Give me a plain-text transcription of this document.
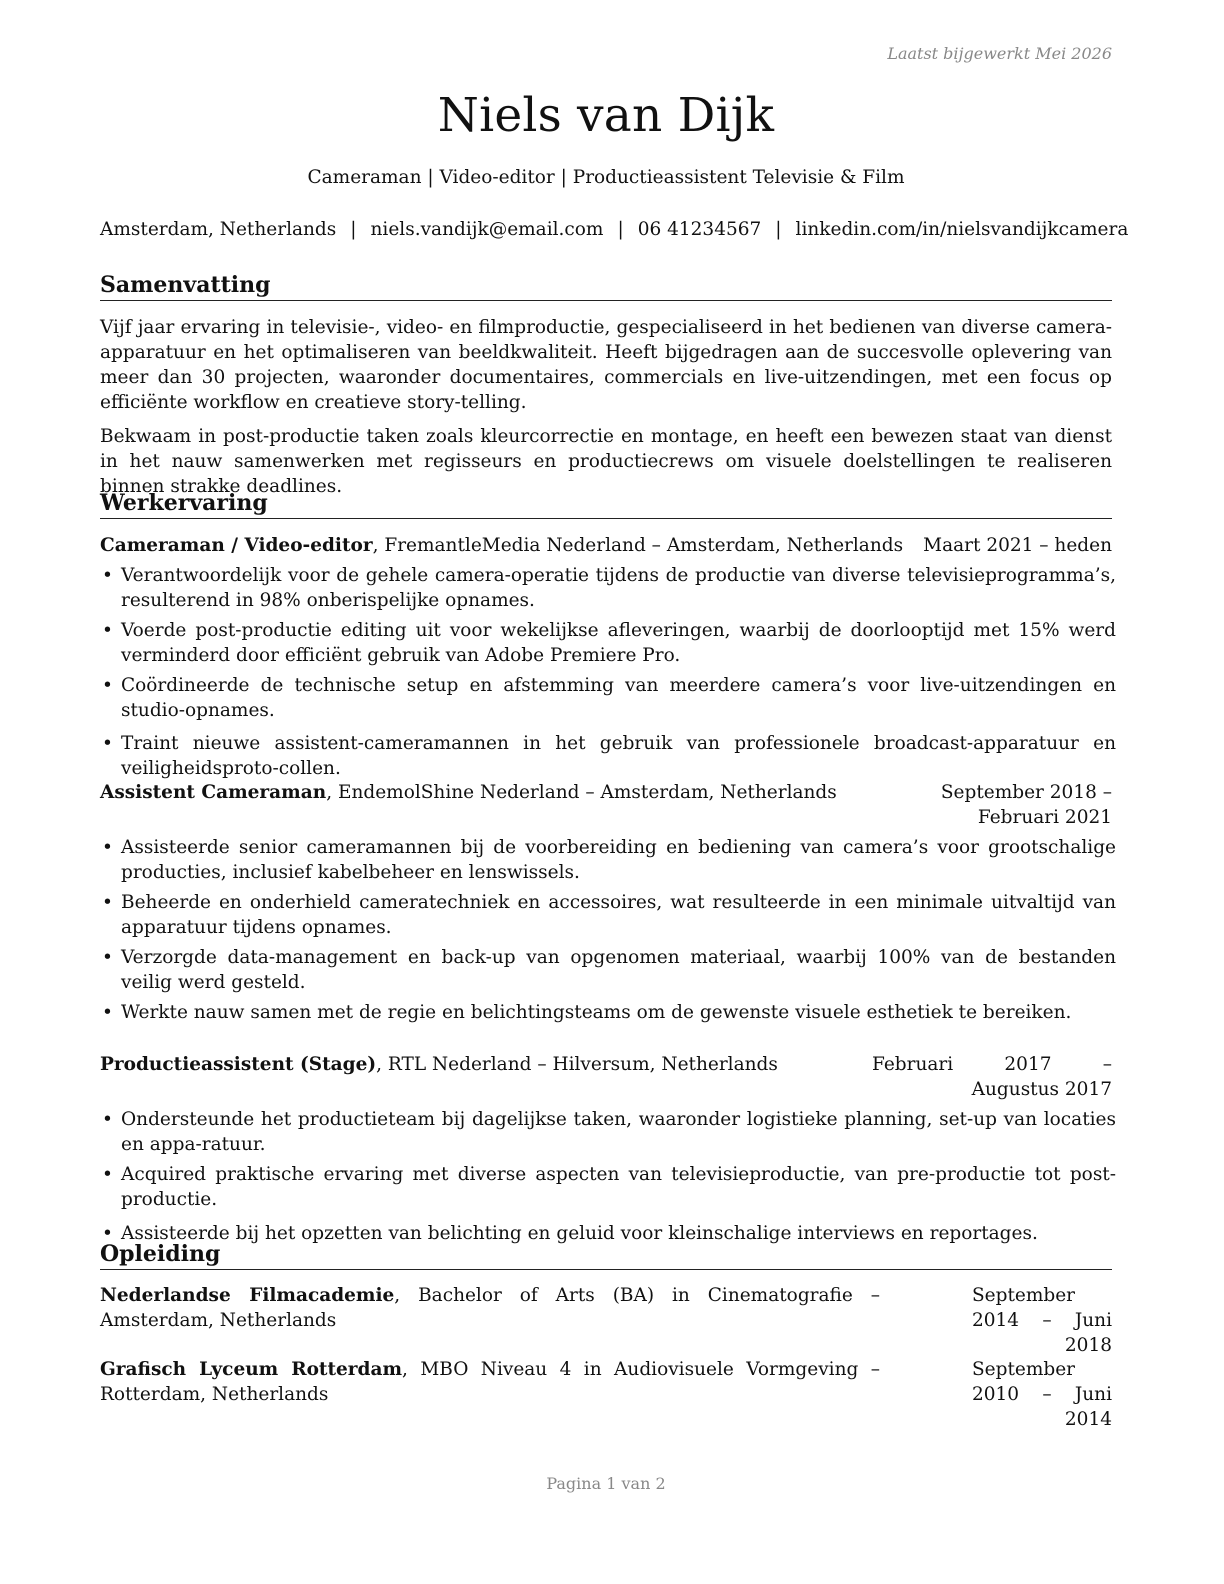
Laatst bijgewerkt Mei 2026
Niels van Dijk
Cameraman | Video-editor | Productieassistent Televisie & Film
Amsterdam, Netherlands | niels.vandijk@email.com | 06 41234567 | linkedin.com/in/nielsvandijkcamera
Samenvatting

Vijf jaar ervaring in televisie-, video- en filmproductie, gespecialiseerd in het bedienen van diverse camera-apparatuur en het optimaliseren van beeldkwaliteit. Heeft bijgedragen aan de succesvolle oplevering van meer dan 30 projecten, waaronder documentaires, commercials en live-uitzendingen, met een focus op efficiënte workflow en creatieve story-telling.

Bekwaam in post-productie taken zoals kleurcorrectie en montage, en heeft een bewezen staat van dienst in het nauw samenwerken met regisseurs en productiecrews om visuele doelstellingen te realiseren binnen strakke deadlines.

Werkervaring
Cameraman / Video-editor, FremantleMedia Nederland – Amsterdam, Netherlands Maart 2021 – heden
• Verantwoordelijk voor de gehele camera-operatie tijdens de productie van diverse televisieprogramma’s, resulterend in 98% onberispelijke opnames.
• Voerde post-productie editing uit voor wekelijkse afleveringen, waarbij de doorlooptijd met 15% werd verminderd door efficiënt gebruik van Adobe Premiere Pro.
• Coördineerde de technische setup en afstemming van meerdere camera’s voor live-uitzendingen en studio-opnames.
• Traint nieuwe assistent-cameramannen in het gebruik van professionele broadcast-apparatuur en veiligheidsproto-collen.
Assistent Cameraman, EndemolShine Nederland – Amsterdam, Netherlands	September 2018 – Februari 2021
• Assisteerde senior cameramannen bij de voorbereiding en bediening van camera’s voor grootschalige producties, inclusief kabelbeheer en lenswissels.
• Beheerde en onderhield cameratechniek en accessoires, wat resulteerde in een minimale uitvaltijd van apparatuur tijdens opnames.
• Verzorgde data-management en back-up van opgenomen materiaal, waarbij 100% van de bestanden veilig werd gesteld.
• Werkte nauw samen met de regie en belichtingsteams om de gewenste visuele esthetiek te bereiken.
Productieassistent (Stage), RTL Nederland – Hilversum, Netherlands	Februari 2017 – Augustus 2017
• Ondersteunde het productieteam bij dagelijkse taken, waaronder logistieke planning, set-up van locaties en appa-ratuur.
• Acquired praktische ervaring met diverse aspecten van televisieproductie, van pre-productie tot post-productie.
• Assisteerde bij het opzetten van belichting en geluid voor kleinschalige interviews en reportages.
Opleiding
Nederlandse Filmacademie, Bachelor of Arts (BA) in Cinematografie – Amsterdam, Netherlands
September 2014 – Juni 2018
Grafisch Lyceum Rotterdam, MBO Niveau 4 in Audiovisuele Vormgeving – Rotterdam, Netherlands
September 2010 – Juni 2014
Pagina 1 van 2
